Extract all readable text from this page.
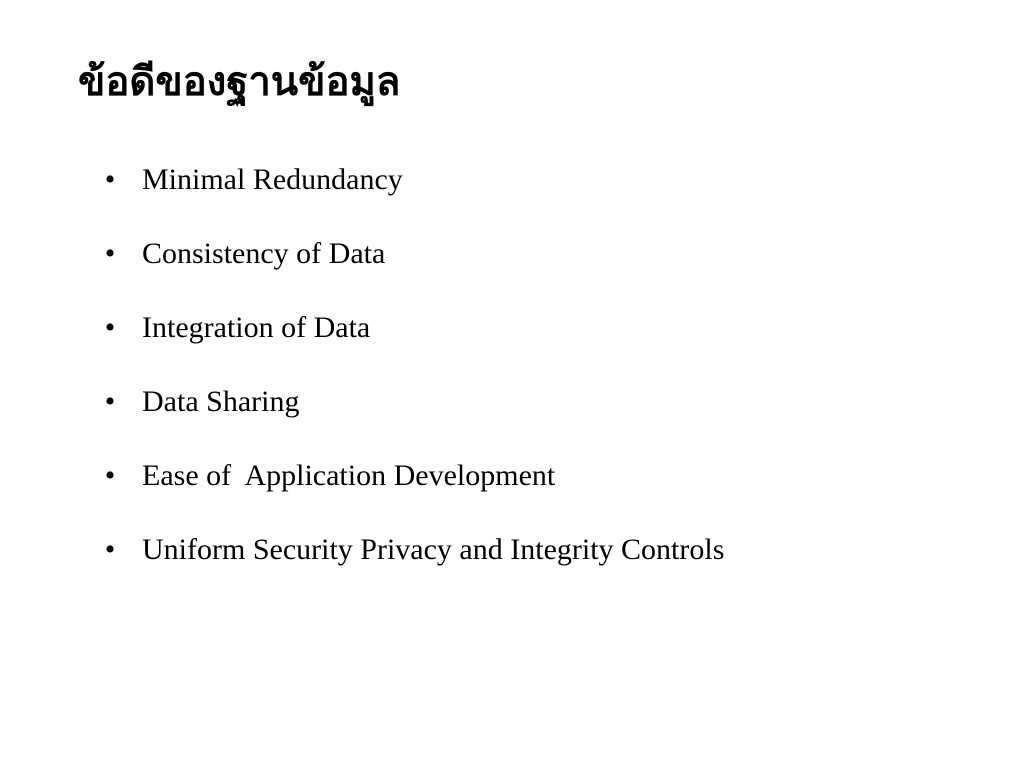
ข้อดีของฐานข้อมูล

•

Minimal Redundancy

•

Consistency of Data

•

Integration of Data

•

Data Sharing

•

Ease of  Application Development

•

Uniform Security Privacy and Integrity Controls
